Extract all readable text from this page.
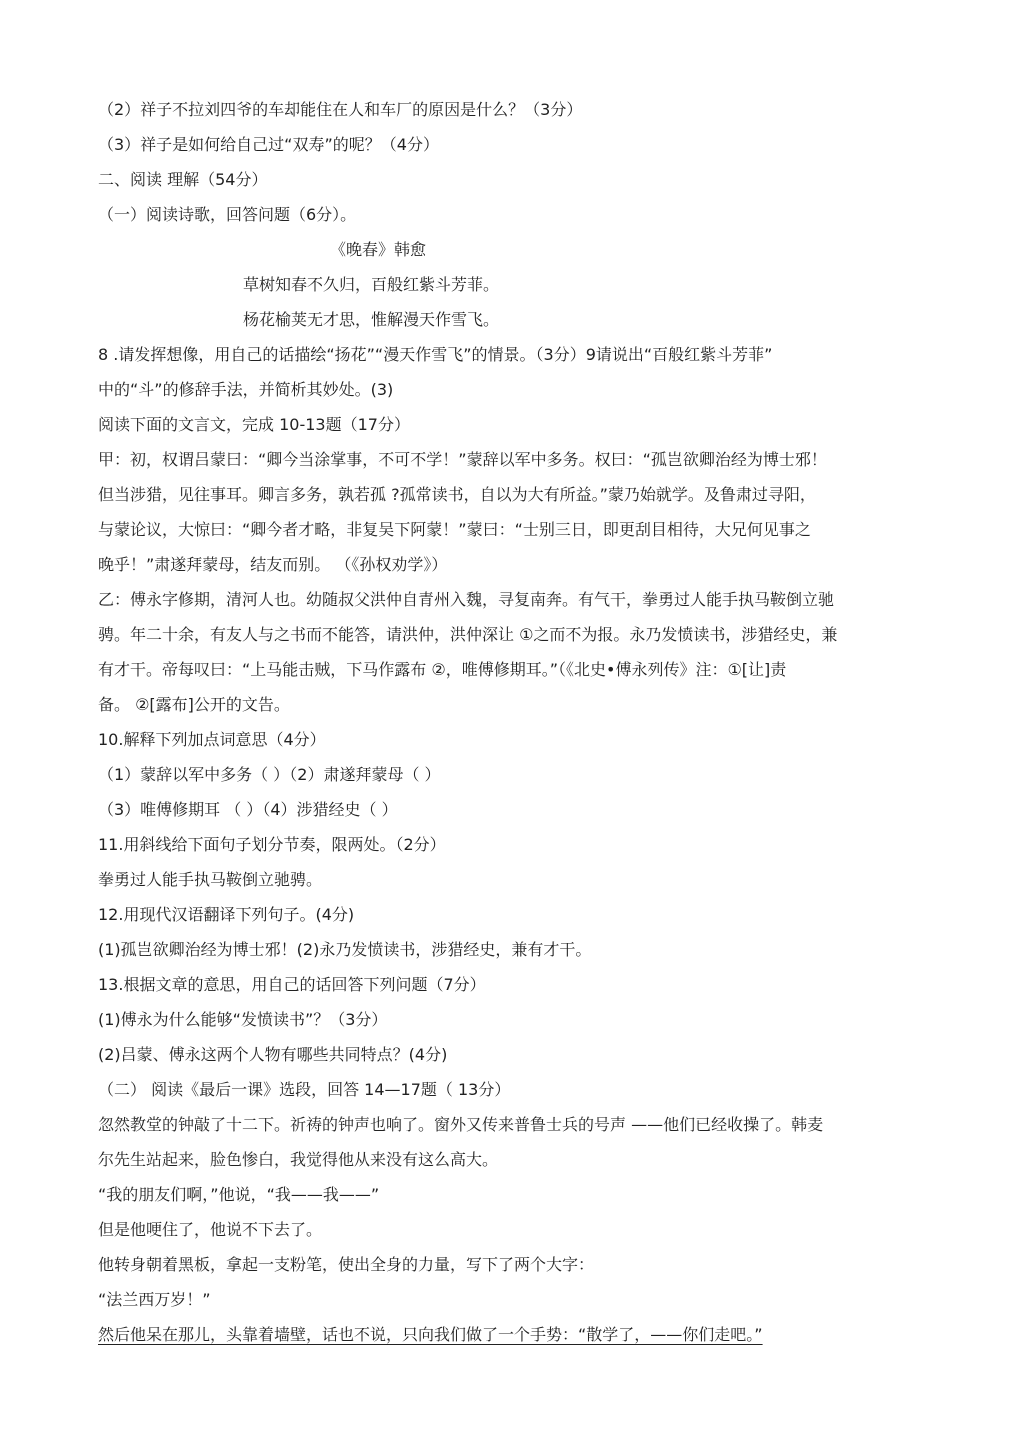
（2）祥子不拉刘四爷的车却能住在人和车厂的原因是什么？（3分）
（3）祥子是如何给自己过“双寿”的呢？（4分）
二、阅读 理解（54分）
（一）阅读诗歌，回答问题（6分）。
《晚春》韩愈
草树知春不久归，百般红紫斗芳菲。
杨花榆荚无才思，惟解漫天作雪飞。
8 .请发挥想像，用自己的话描绘“扬花”“漫天作雪飞”的情景。（3分）9请说出“百般红紫斗芳菲”
中的“斗”的修辞手法，并简析其妙处。(3)
阅读下面的文言文，完成 10-13题（17分）
甲：初，权谓吕蒙曰：“卿今当涂掌事，不可不学！”蒙辞以军中多务。权曰：“孤岂欲卿治经为博士邪！
但当涉猎，见往事耳。卿言多务，孰若孤 ?孤常读书，自以为大有所益。”蒙乃始就学。及鲁肃过寻阳，
与蒙论议，大惊曰：“卿今者才略，非复吴下阿蒙！”蒙曰：“士别三日，即更刮目相待，大兄何见事之
晚乎！”肃遂拜蒙母，结友而别。 （《孙权劝学》）
乙：傅永字修期，清河人也。幼随叔父洪仲自青州入魏，寻复南奔。有气干，拳勇过人能手执马鞍倒立驰
骋。年二十余，有友人与之书而不能答，请洪仲，洪仲深让 ①之而不为报。永乃发愤读书，涉猎经史，兼
有才干。帝每叹曰：“上马能击贼，下马作露布 ②，唯傅修期耳。”（《北史•傅永列传》注：①[让]责
备。 ②[露布]公开的文告。
10.解释下列加点词意思（4分）
（1）蒙辞以军中多务（ ）（2）肃遂拜蒙母（ ）
（3）唯傅修期耳 （ ）（4）涉猎经史（ ）
11.用斜线给下面句子划分节奏，限两处。（2分）
拳勇过人能手执马鞍倒立驰骋。
12.用现代汉语翻译下列句子。(4分)
(1)孤岂欲卿治经为博士邪！(2)永乃发愤读书，涉猎经史，兼有才干。
13.根据文章的意思，用自己的话回答下列问题（7分）
(1)傅永为什么能够“发愤读书”？（3分）
(2)吕蒙、傅永这两个人物有哪些共同特点？(4分)
（二） 阅读《最后一课》选段，回答 14—17题（ 13分）
忽然教堂的钟敲了十二下。祈祷的钟声也响了。窗外又传来普鲁士兵的号声 ——他们已经收操了。韩麦
尔先生站起来，脸色惨白，我觉得他从来没有这么高大。
“我的朋友们啊，”他说，“我——我——”
但是他哽住了，他说不下去了。
他转身朝着黑板，拿起一支粉笔，使出全身的力量，写下了两个大字：
“法兰西万岁！”
然后他呆在那儿，头靠着墙壁，话也不说，只向我们做了一个手势：“散学了，——你们走吧。”
